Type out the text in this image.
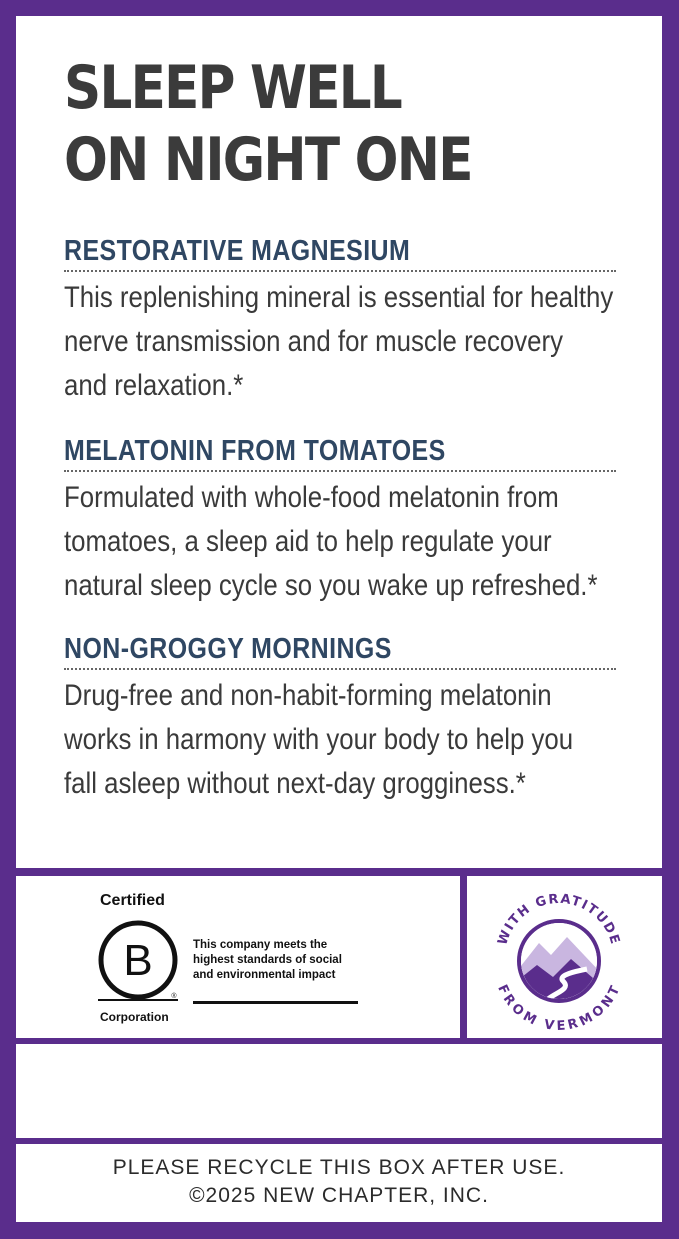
SLEEP WELL
ON NIGHT ONE
RESTORATIVE MAGNESIUM
This replenishing mineral is essential for healthy
nerve transmission and for muscle recovery
and relaxation.*
MELATONIN FROM TOMATOES
Formulated with whole-food melatonin from
tomatoes, a sleep aid to help regulate your
natural sleep cycle so you wake up refreshed.*
NON-GROGGY MORNINGS
Drug-free and non-habit-forming melatonin
works in harmony with your body to help you
fall asleep without next-day grogginess.*
Certified
B
®
Corporation
This company meets the
highest standards of social
and environmental impact
WITH GRATITUDE
FROM VERMONT
PLEASE RECYCLE THIS BOX AFTER USE.
©2025 NEW CHAPTER, INC.
